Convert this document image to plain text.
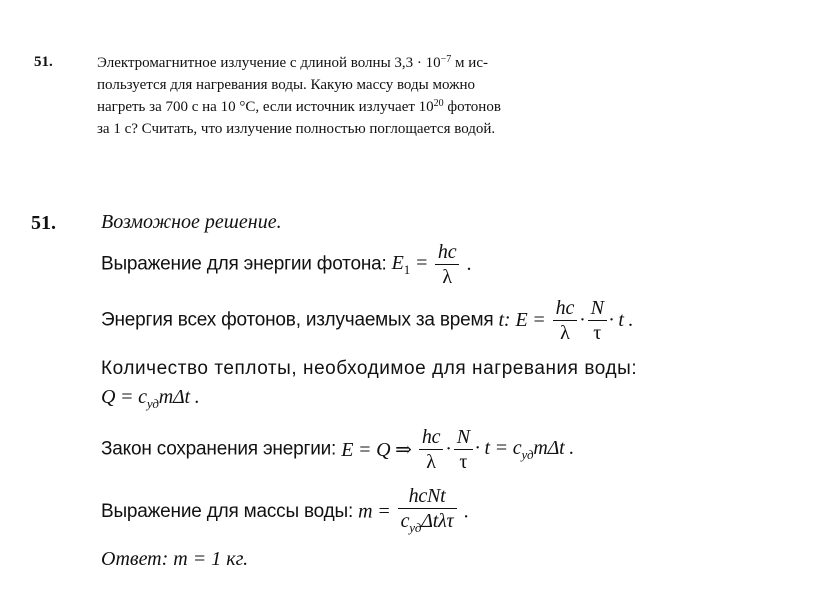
51.	Электромагнитное излучение с длиной волны $3,3 \cdot 10^{-7}$ м ис-
пользуется для нагревания воды. Какую массу воды можно
нагреть за 700 с на 10 °С, если источник излучает $10^{20}$ фотонов
за 1 с? Считать, что излучение полностью поглощается водой.
51. Возможное решение.
Выражение для энергии фотона: $E_1 = \frac{hc}{\lambda}$ .
Энергия всех фотонов, излучаемых за время t: $E = \frac{hc}{\lambda} \cdot \frac{N}{\tau} \cdot t$ .
Количество теплоты, необходимое для нагревания воды:
$Q = c_{уд}m\Delta t$ .
Закон сохранения энергии: E = Q ⇒ $\frac{hc}{\lambda} \cdot \frac{N}{\tau} \cdot t = c_{уд}m\Delta t$ .
Выражение для массы воды: $m = \frac{\text{hcNt}}{c_{уд}\Delta t\lambda\tau}$ .
Ответ: m = 1 кг.
